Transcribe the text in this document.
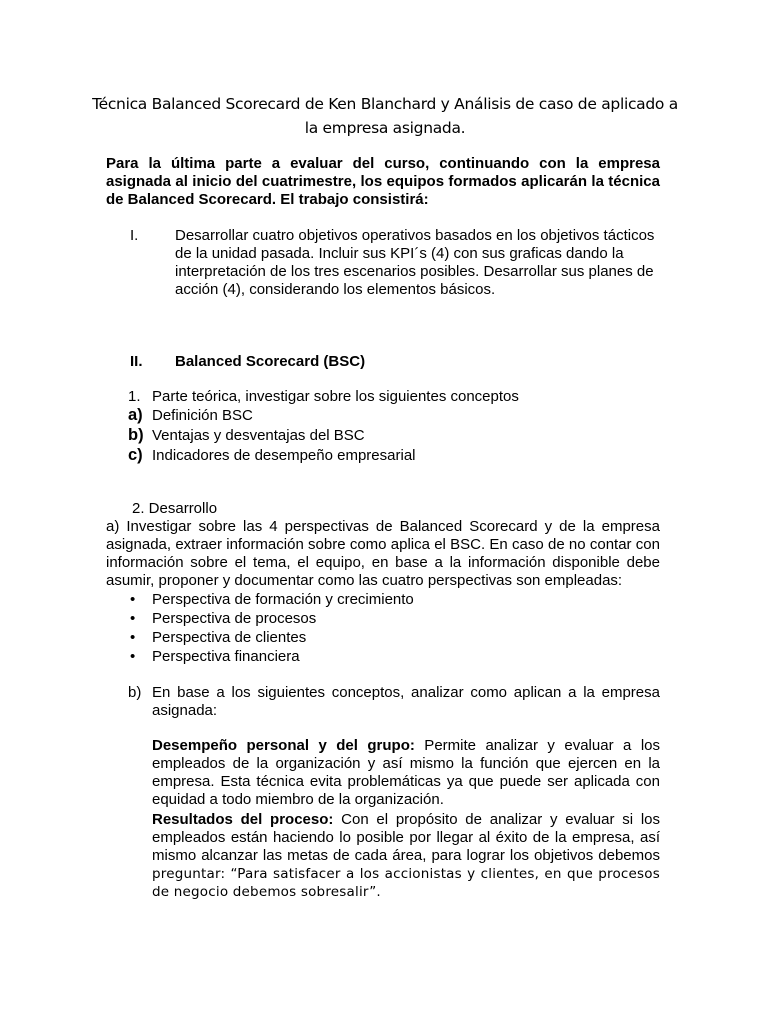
Técnica Balanced Scorecard de Ken Blanchard y Análisis de caso de aplicado a la empresa asignada.
Para la última parte a evaluar del curso, continuando con la empresa asignada al inicio del cuatrimestre, los equipos formados aplicarán la técnica de Balanced Scorecard. El trabajo consistirá:
I. Desarrollar cuatro objetivos operativos basados en los objetivos tácticos de la unidad pasada. Incluir sus KPI´s (4) con sus graficas dando la interpretación de los tres escenarios posibles. Desarrollar sus planes de acción (4), considerando los elementos básicos.
II. Balanced Scorecard (BSC)
1. Parte teórica, investigar sobre los siguientes conceptos
a) Definición BSC
b) Ventajas y desventajas del BSC
c) Indicadores de desempeño empresarial
2. Desarrollo
a) Investigar sobre las 4 perspectivas de Balanced Scorecard y de la empresa asignada, extraer información sobre como aplica el BSC. En caso de no contar con información sobre el tema, el equipo, en base a la información disponible debe asumir, proponer y documentar como las cuatro perspectivas son empleadas:
• Perspectiva de formación y crecimiento
• Perspectiva de procesos
• Perspectiva de clientes
• Perspectiva financiera
b) En base a los siguientes conceptos, analizar como aplican a la empresa asignada:
Desempeño personal y del grupo: Permite analizar y evaluar a los empleados de la organización y así mismo la función que ejercen en la empresa. Esta técnica evita problemáticas ya que puede ser aplicada con equidad a todo miembro de la organización.
Resultados del proceso: Con el propósito de analizar y evaluar si los empleados están haciendo lo posible por llegar al éxito de la empresa, así mismo alcanzar las metas de cada área, para lograr los objetivos debemos preguntar: “Para satisfacer a los accionistas y clientes, en que procesos de negocio debemos sobresalir”.
